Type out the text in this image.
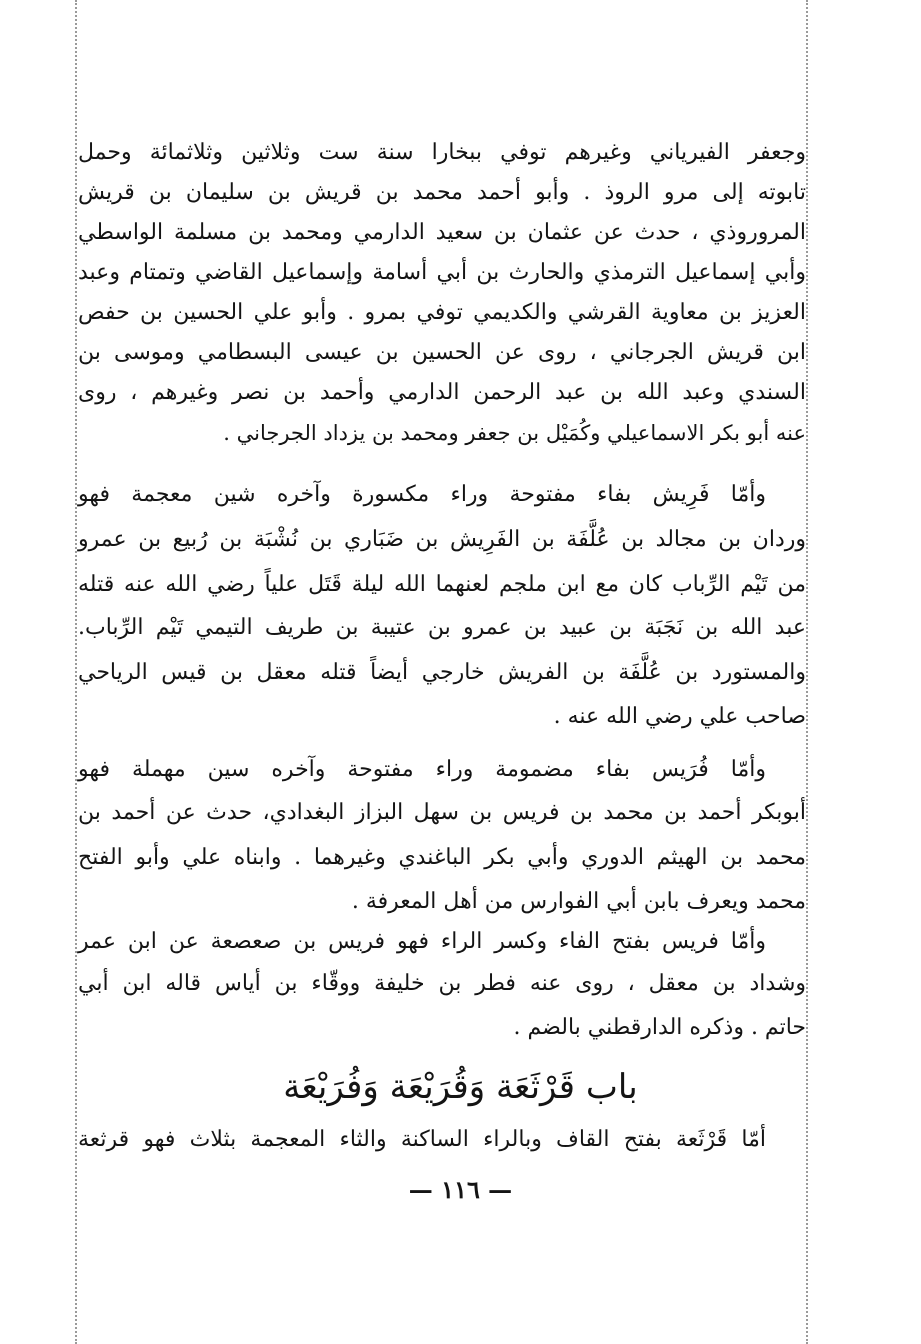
وجعفر الفيرياني وغيرهم توفي ببخارا سنة ست وثلاثين وثلاثمائة وحمل
تابوته إلى مرو الروذ . وأبو أحمد محمد بن قريش بن سليمان بن قريش
المروروذي ، حدث عن عثمان بن سعيد الدارمي ومحمد بن مسلمة الواسطي
وأبي إسماعيل الترمذي والحارث بن أبي أسامة وإسماعيل القاضي وتمتام وعبد
العزيز بن معاوية القرشي والكديمي توفي بمرو . وأبو علي الحسين بن حفص
ابن قريش الجرجاني ، روى عن الحسين بن عيسى البسطامي وموسى بن
السندي وعبد الله بن عبد الرحمن الدارمي وأحمد بن نصر وغيرهم ، روى
عنه أبو بكر الاسماعيلي وكُمَيْل بن جعفر ومحمد بن يزداد الجرجاني .
وأمّا فَرِيش بفاء مفتوحة وراء مكسورة وآخره شين معجمة فهو
وردان بن مجالد بن عُلَّفَة بن الفَرِيش بن ضَبَاري بن نُشْبَة بن رُبيع بن عمرو
من تَيْم الرِّباب كان مع ابن ملجم لعنهما الله ليلة قَتَل علياً رضي الله عنه قتله
عبد الله بن نَجَبَة بن عبيد بن عمرو بن عتيبة بن طريف التيمي تَيْم الرِّباب.
والمستورد بن عُلَّفَة بن الفريش خارجي أيضاً قتله معقل بن قيس الرياحي
صاحب علي رضي الله عنه .
وأمّا فُرَيس بفاء مضمومة وراء مفتوحة وآخره سين مهملة فهو
أبوبكر أحمد بن محمد بن فريس بن سهل البزاز البغدادي، حدث عن أحمد بن
محمد بن الهيثم الدوري وأبي بكر الباغندي وغيرهما . وابناه علي وأبو الفتح
محمد ويعرف بابن أبي الفوارس من أهل المعرفة .
وأمّا فريس بفتح الفاء وكسر الراء فهو فريس بن صعصعة عن ابن عمر
وشداد بن معقل ، روى عنه فطر بن خليفة ووقّاء بن أياس قاله ابن أبي
حاتم . وذكره الدارقطني بالضم .
باب قَرْثَعَة وَقُرَيْعَة وَفُرَيْعَة
أمّا قَرْثَعة بفتح القاف وبالراء الساكنة والثاء المعجمة بثلاث فهو قرثعة
— ١١٦ —
